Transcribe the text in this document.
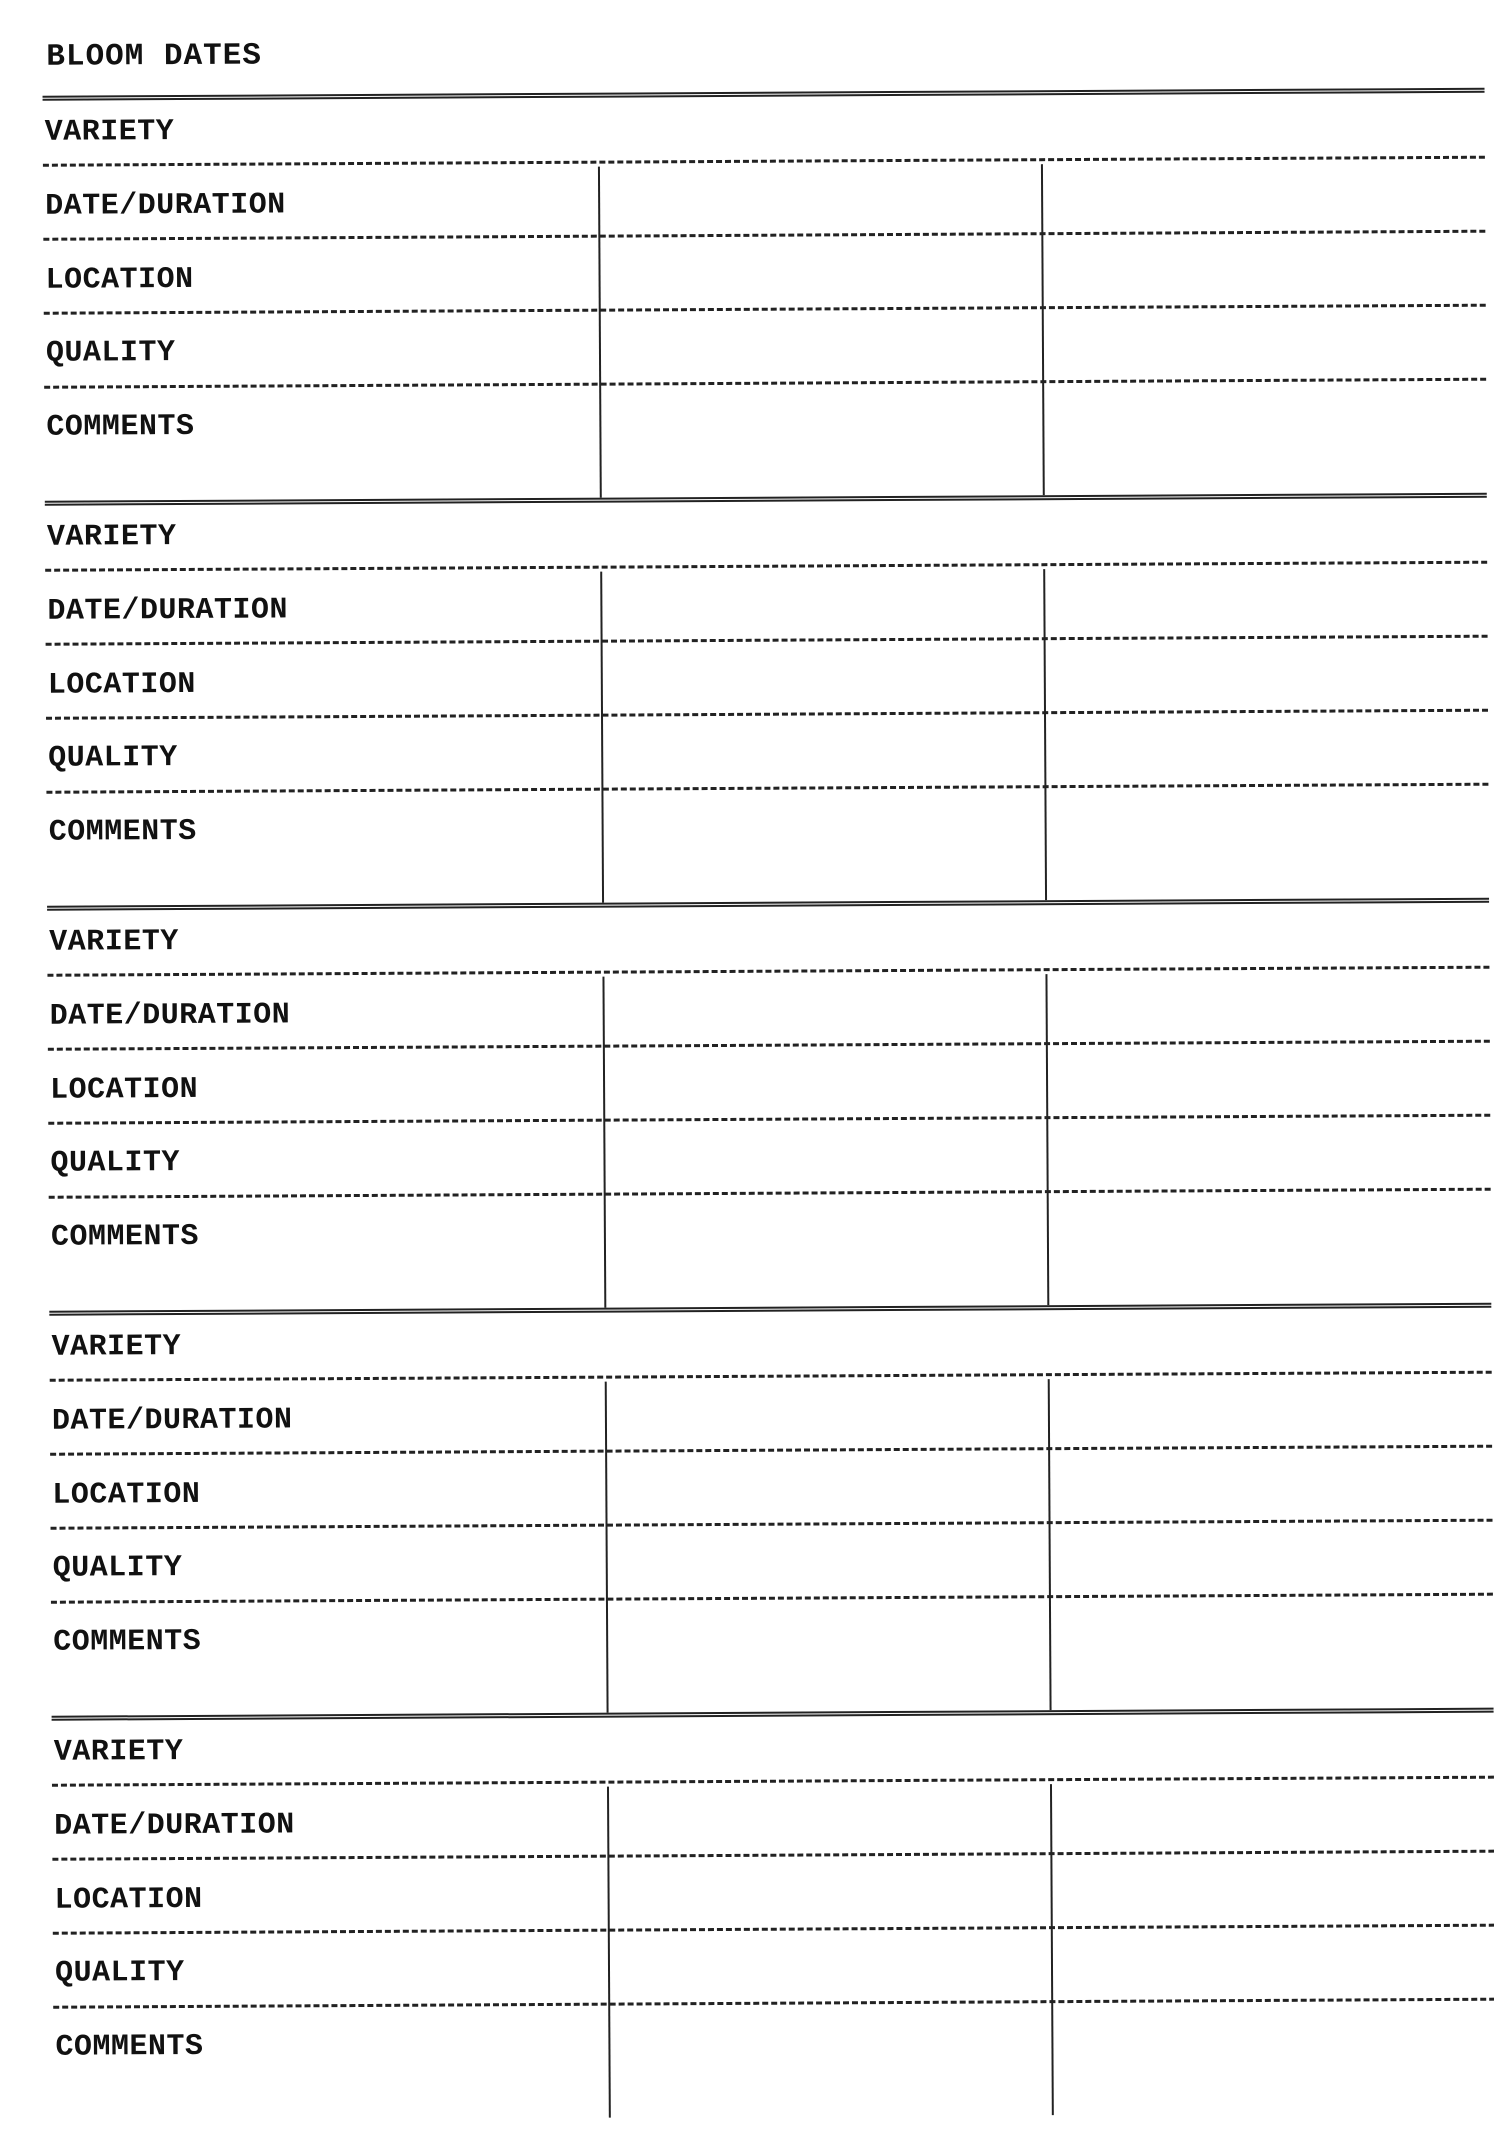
BLOOM DATES
VARIETY
DATE/DURATION
LOCATION
QUALITY
COMMENTS
VARIETY
DATE/DURATION
LOCATION
QUALITY
COMMENTS
VARIETY
DATE/DURATION
LOCATION
QUALITY
COMMENTS
VARIETY
DATE/DURATION
LOCATION
QUALITY
COMMENTS
VARIETY
DATE/DURATION
LOCATION
QUALITY
COMMENTS
